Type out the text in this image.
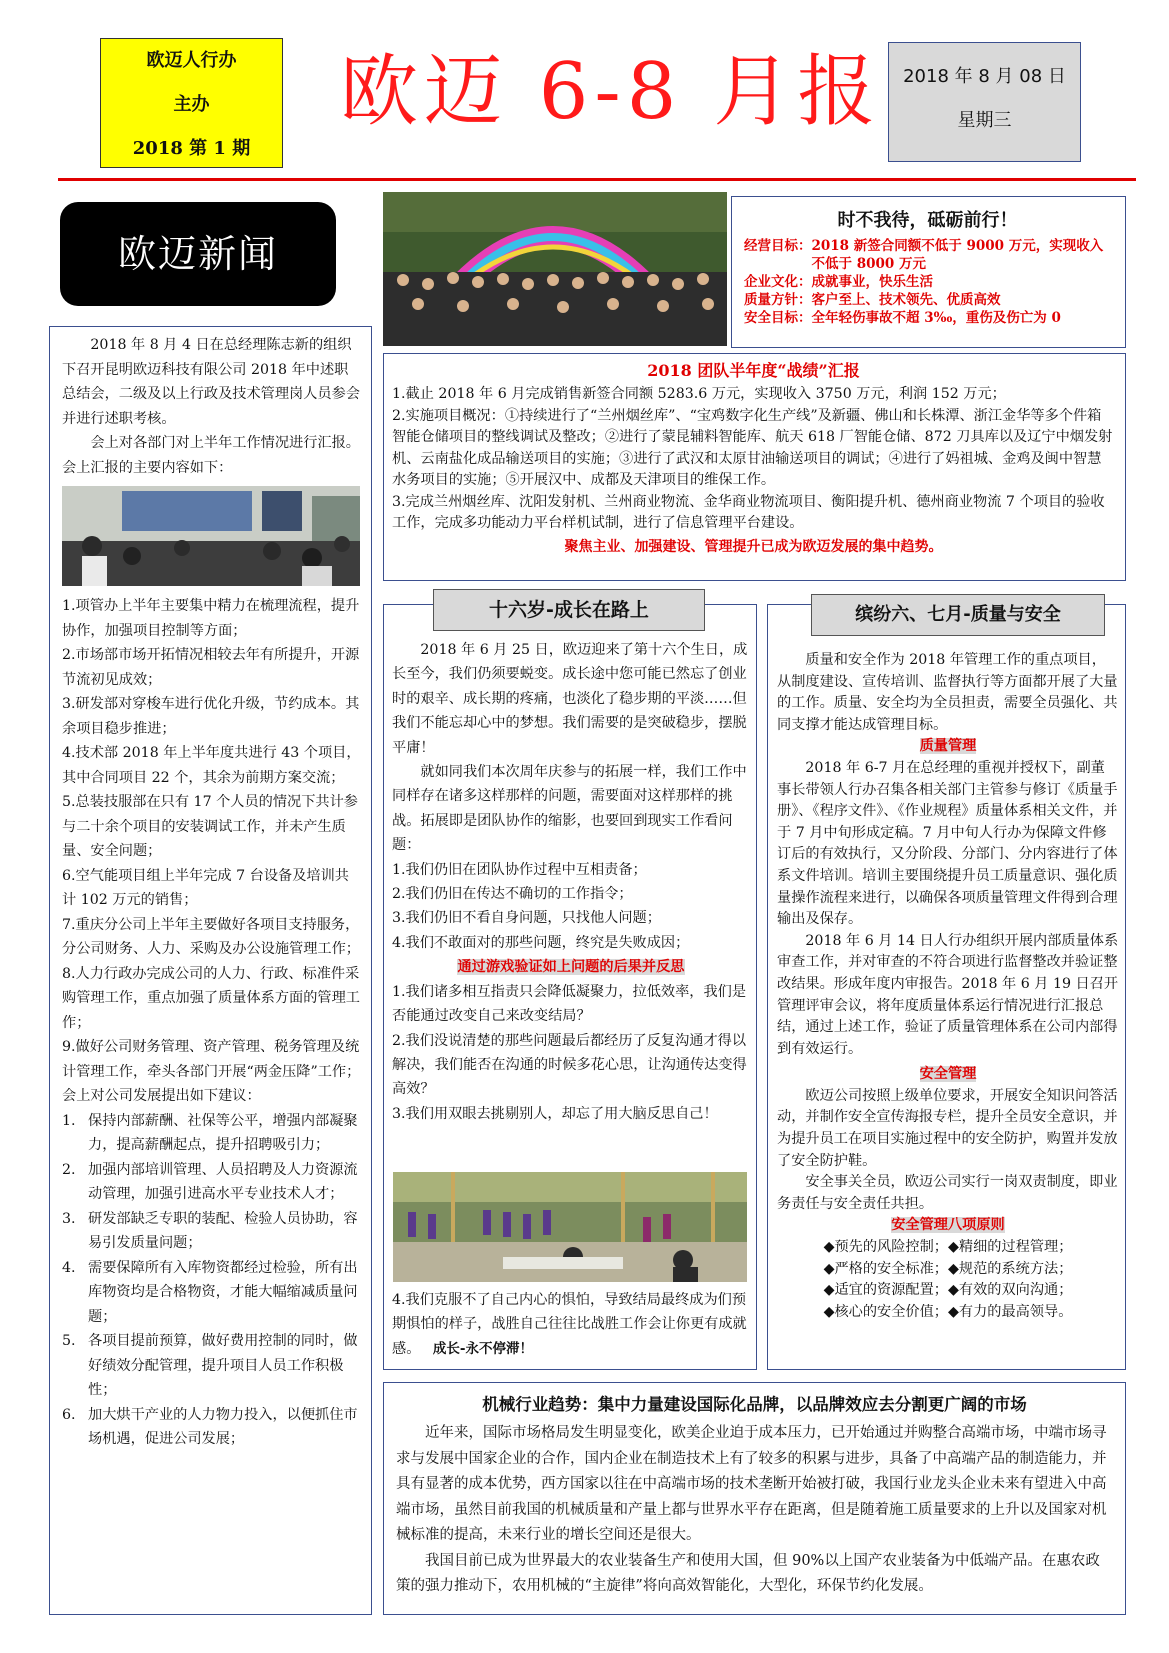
欧迈人行办
主办
2018 第 1 期
欧迈 6-8 月报	2018 年 8 月 08 日
星期三
欧迈新闻

2018 年 8 月 4 日在总经理陈志新的组织下召开昆明欧迈科技有限公司 2018 年中述职总结会，二级及以上行政及技术管理岗人员参会并进行述职考核。

会上对各部门对上半年工作情况进行汇报。会上汇报的主要内容如下：

1.项管办上半年主要集中精力在梳理流程，提升协作，加强项目控制等方面；

2.市场部市场开拓情况相较去年有所提升，开源节流初见成效；

3.研发部对穿梭车进行优化升级，节约成本。其余项目稳步推进；

4.技术部 2018 年上半年度共进行 43 个项目，其中合同项目 22 个，其余为前期方案交流；

5.总装技服部在只有 17 个人员的情况下共计参与二十余个项目的安装调试工作，并未产生质量、安全问题；

6.空气能项目组上半年完成 7 台设备及培训共计 102 万元的销售；

7.重庆分公司上半年主要做好各项目支持服务，分公司财务、人力、采购及办公设施管理工作；

8.人力行政办完成公司的人力、行政、标准件采购管理工作，重点加强了质量体系方面的管理工作；

9.做好公司财务管理、资产管理、税务管理及统计管理工作，牵头各部门开展“两金压降”工作；

会上对公司发展提出如下建议：

1. 保持内部薪酬、社保等公平，增强内部凝聚力，提高薪酬起点，提升招聘吸引力；
2. 加强内部培训管理、人员招聘及人力资源流动管理，加强引进高水平专业技术人才；
3. 研发部缺乏专职的装配、检验人员协助，容易引发质量问题；
4. 需要保障所有入库物资都经过检验，所有出库物资均是合格物资，才能大幅缩减质量问题；
5. 各项目提前预算，做好费用控制的同时，做好绩效分配管理，提升项目人员工作积极性；
6. 加大烘干产业的人力物力投入，以便抓住市场机遇，促进公司发展；
时不我待，砥砺前行！
经营目标： 2018 新签合同额不低于 9000 万元，实现收入不低于 8000 万元
企业文化： 成就事业，快乐生活
质量方针： 客户至上、技术领先、优质高效
安全目标： 全年轻伤事故不超 3‰，重伤及伤亡为 0
2018 团队半年度“战绩”汇报

1.截止 2018 年 6 月完成销售新签合同额 5283.6 万元，实现收入 3750 万元，利润 152 万元；

2.实施项目概况：①持续进行了“兰州烟丝库”、“宝鸡数字化生产线”及新疆、佛山和长株潭、浙江金华等多个件箱智能仓储项目的整线调试及整改；②进行了蒙昆辅料智能库、航天 618 厂智能仓储、872 刀具库以及辽宁中烟发射机、云南盐化成品输送项目的实施；③进行了武汉和太原甘油输送项目的调试；④进行了妈祖城、金鸡及闽中智慧水务项目的实施；⑤开展汉中、成都及天津项目的维保工作。

3.完成兰州烟丝库、沈阳发射机、兰州商业物流、金华商业物流项目、衡阳提升机、德州商业物流 7 个项目的验收工作，完成多功能动力平台样机试制，进行了信息管理平台建设。

聚焦主业、加强建设、管理提升已成为欧迈发展的集中趋势。
十六岁-成长在路上

2018 年 6 月 25 日，欧迈迎来了第十六个生日，成长至今，我们仍须要蜕变。成长途中您可能已然忘了创业时的艰辛、成长期的疼痛，也淡化了稳步期的平淡……但我们不能忘却心中的梦想。我们需要的是突破稳步，摆脱平庸！

就如同我们本次周年庆参与的拓展一样，我们工作中同样存在诸多这样那样的问题，需要面对这样那样的挑战。拓展即是团队协作的缩影，也要回到现实工作看问题：

1.我们仍旧在团队协作过程中互相责备；

2.我们仍旧在传达不确切的工作指令；

3.我们仍旧不看自身问题，只找他人问题；

4.我们不敢面对的那些问题，终究是失败成因；

通过游戏验证如上问题的后果并反思

1.我们诸多相互指责只会降低凝聚力，拉低效率，我们是否能通过改变自己来改变结局？

2.我们没说清楚的那些问题最后都经历了反复沟通才得以解决，我们能否在沟通的时候多花心思，让沟通传达变得高效？

3.我们用双眼去挑剔别人，却忘了用大脑反思自己！

4.我们克服不了自己内心的惧怕，导致结局最终成为们预期惧怕的样子，战胜自己往往比战胜工作会让你更有成就感。 成长-永不停滞！

缤纷六、七月-质量与安全

质量和安全作为 2018 年管理工作的重点项目，从制度建设、宣传培训、监督执行等方面都开展了大量的工作。质量、安全均为全员担责，需要全员强化、共同支撑才能达成管理目标。

质量管理

2018 年 6-7 月在总经理的重视并授权下，副董事长带领人行办召集各相关部门主管参与修订《质量手册》、《程序文件》、《作业规程》质量体系相关文件，并于 7 月中旬形成定稿。7 月中旬人行办为保障文件修订后的有效执行，又分阶段、分部门、分内容进行了体系文件培训。培训主要围绕提升员工质量意识、强化质量操作流程来进行，以确保各项质量管理文件得到合理输出及保存。

2018 年 6 月 14 日人行办组织开展内部质量体系审查工作，并对审查的不符合项进行监督整改并验证整改结果。形成年度内审报告。2018 年 6 月 19 日召开管理评审会议，将年度质量体系运行情况进行汇报总结，通过上述工作，验证了质量管理体系在公司内部得到有效运行。

安全管理

欧迈公司按照上级单位要求，开展安全知识问答活动，并制作安全宣传海报专栏，提升全员安全意识，并为提升员工在项目实施过程中的安全防护，购置并发放了安全防护鞋。

安全事关全员，欧迈公司实行一岗双责制度，即业务责任与安全责任共担。

安全管理八项原则

◆预先的风险控制；◆精细的过程管理；

◆严格的安全标准；◆规范的系统方法；

◆适宜的资源配置；◆有效的双向沟通；

◆核心的安全价值；◆有力的最高领导。

机械行业趋势：集中力量建设国际化品牌，以品牌效应去分割更广阔的市场

近年来，国际市场格局发生明显变化，欧美企业迫于成本压力，已开始通过并购整合高端市场，中端市场寻求与发展中国家企业的合作，国内企业在制造技术上有了较多的积累与进步，具备了中高端产品的制造能力，并具有显著的成本优势，西方国家以往在中高端市场的技术垄断开始被打破，我国行业龙头企业未来有望进入中高端市场，虽然目前我国的机械质量和产量上都与世界水平存在距离，但是随着施工质量要求的上升以及国家对机械标准的提高，未来行业的增长空间还是很大。

我国目前已成为世界最大的农业装备生产和使用大国，但 90%以上国产农业装备为中低端产品。在惠农政策的强力推动下，农用机械的“主旋律”将向高效智能化，大型化，环保节约化发展。
